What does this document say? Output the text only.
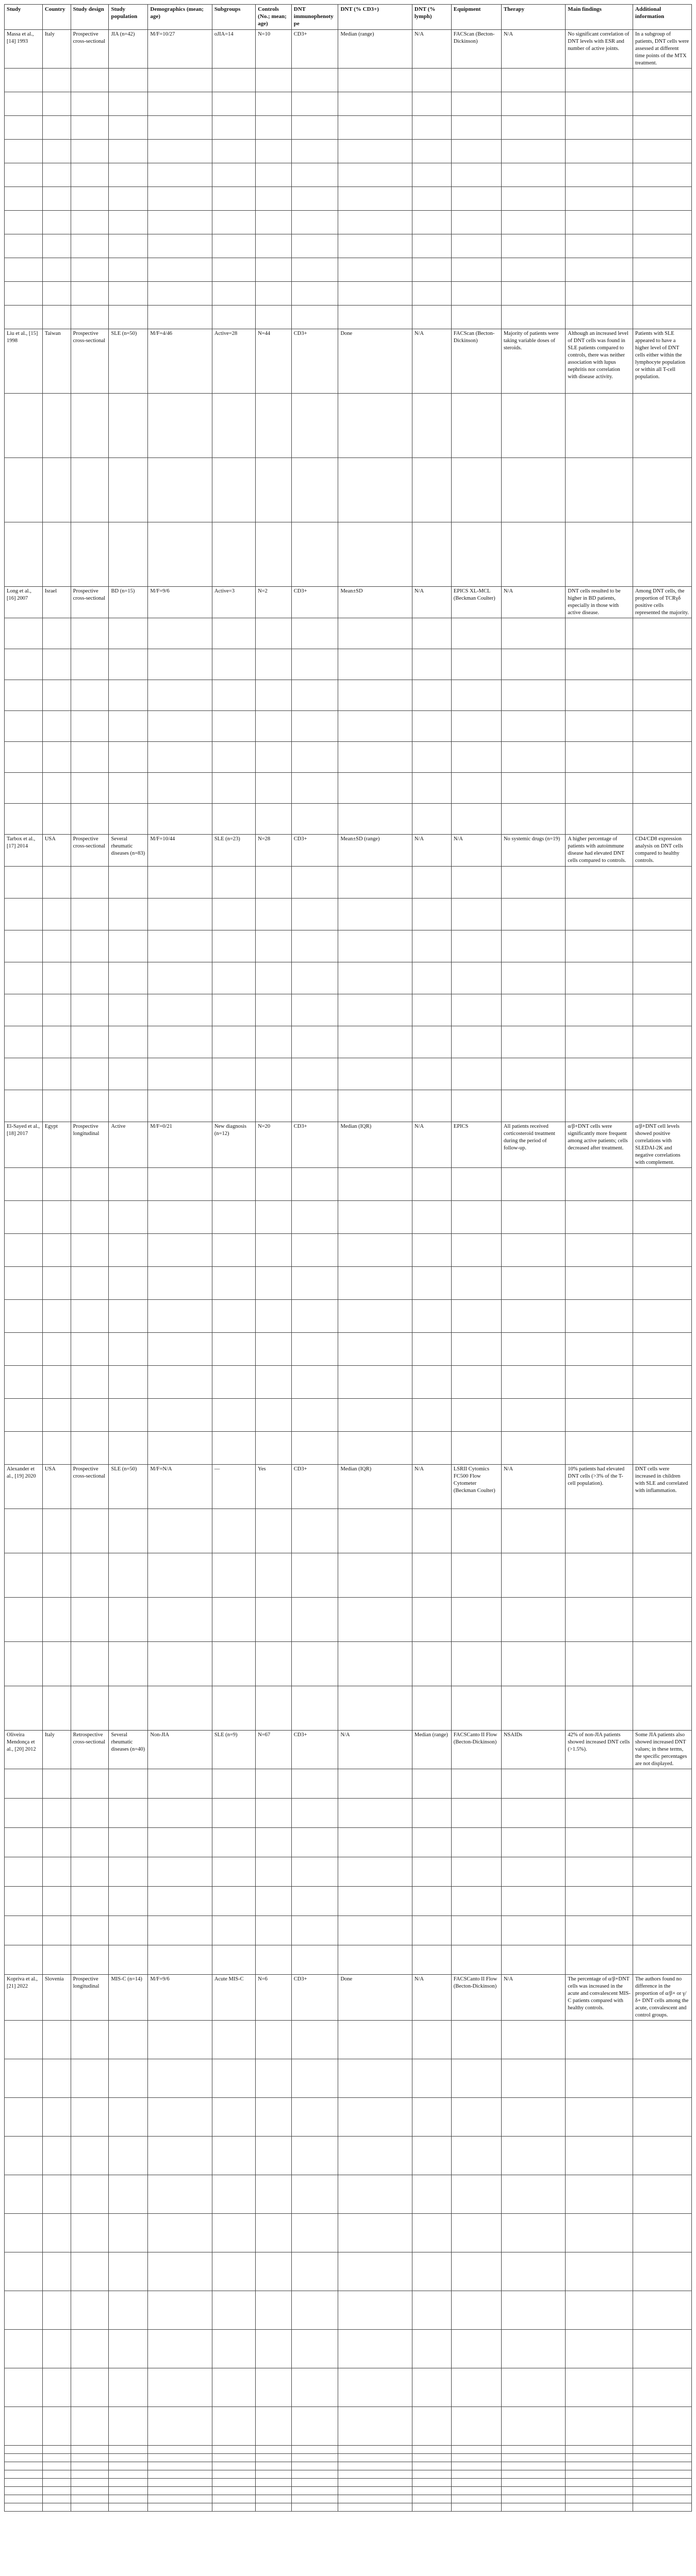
Study	Country	Study design	Study population	Demographics (mean; age)	Subgroups	Controls (No.; mean; age)	DNT immunophenotype	DNT (% CD3+)	DNT (% lymph)	Equipment	Therapy	Main findings	Additional information
Massa et al., [14] 1993	Italy	Prospective cross-sectional	JIA (n=42)	M/F=10/27	oJIA=14	N=10	CD3+	Median (range)	N/A	FACScan (Becton-Dickinson)	N/A	No significant correlation of DNT levels with ESR and number of active joints.	In a subgroup of patients, DNT cells were assessed at different time points of the MTX treatment.

Liu et al., [15] 1998	Taiwan	Prospective cross-sectional	SLE (n=50)	M/F=4/46	Active=28	N=44	CD3+	Done	N/A	FACScan (Becton-Dickinson)	Majority of patients were taking variable doses of steroids.	Although an increased level of DNT cells was found in SLE patients compared to controls, there was neither association with lupus nephritis nor correlation with disease activity.	Patients with SLE appeared to have a higher level of DNT cells either within the lymphocyte population or within all T-cell population.

Long et al., [16] 2007	Israel	Prospective cross-sectional	BD (n=15)	M/F=9/6	Active=3	N=2	CD3+	Mean±SD	N/A	EPICS XL-MCL (Beckman Coulter)	N/A	DNT cells resulted to be higher in BD patients, especially in those with active disease.	Among DNT cells, the proportion of TCRγδ positive cells represented the majority.

Tarbox et al., [17] 2014	USA	Prospective cross-sectional	Several rheumatic diseases (n=83)	M/F=10/44	SLE (n=23)	N=28	CD3+	Mean±SD (range)	N/A	N/A	No systemic drugs (n=19)	A higher percentage of patients with autoimmune disease had elevated DNT cells compared to controls.	CD4/CD8 expression analysis on DNT cells compared to healthy controls.

El-Sayed et al., [18] 2017	Egypt	Prospective longitudinal	Active	M/F=0/21	New diagnosis (n=12)	N=20	CD3+	Median (IQR)	N/A	EPICS	All patients received corticosteroid treatment during the period of follow-up.	α/β+DNT cells were significantly more frequent among active patients; cells decreased after treatment.	α/β+DNT cell levels showed positive correlations with SLEDAI-2K and negative correlations with complement.

Alexander et al., [19] 2020	USA	Prospective cross-sectional	SLE (n=50)	M/F=N/A	—	Yes	CD3+	Median (IQR)	N/A	LSRII Cytomics FC500 Flow Cytometer (Beckman Coulter)	N/A	10% patients had elevated DNT cells (>3% of the T-cell population).	DNT cells were increased in children with SLE and correlated with inflammation.

Oliveira Mendonça et al., [20] 2012	Italy	Retrospective cross-sectional	Several rheumatic diseases (n=40)	Non-JIA	SLE (n=9)	N=67	CD3+	N/A	Median (range)	FACSCanto II Flow (Becton-Dickinson)	NSAIDs	42% of non-JIA patients showed increased DNT cells (>1.5%).	Some JIA patients also showed increased DNT values; in these terms, the specific percentages are not displayed.

Kopriva et al., [21] 2022	Slovenia	Prospective longitudinal	MIS-C (n=14)	M/F=9/6	Acute MIS-C	N=6	CD3+	Done	N/A	FACSCanto II Flow (Becton-Dickinson)	N/A	The percentage of α/β+DNT cells was increased in the acute and convalescent MIS-C patients compared with healthy controls.	The authors found no difference in the proportion of α/β+ or γ/δ+ DNT cells among the acute, convalescent and control groups.
